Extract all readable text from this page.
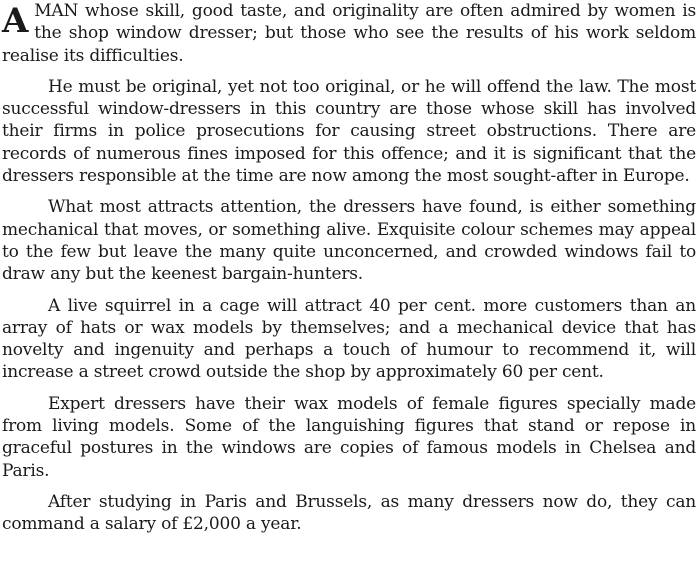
AMAN whose skill, good taste, and originality are often admired by women is the shop window dresser; but those who see the results of his work seldom realise its difficulties.

He must be original, yet not too original, or he will offend the law. The most successful window-dressers in this country are those whose skill has involved their firms in police prosecutions for causing street obstructions. There are records of numerous fines imposed for this offence; and it is significant that the dressers responsible at the time are now among the most sought-after in Europe.

What most attracts attention, the dressers have found, is either something mechanical that moves, or something alive. Exquisite colour schemes may appeal to the few but leave the many quite unconcerned, and crowded windows fail to draw any but the keenest bargain-hunters.

A live squirrel in a cage will attract 40 per cent. more customers than an array of hats or wax models by themselves; and a mechanical device that has novelty and ingenuity and perhaps a touch of humour to recommend it, will increase a street crowd outside the shop by approximately 60 per cent.

Expert dressers have their wax models of female figures specially made from living models. Some of the languishing figures that stand or repose in graceful postures in the windows are copies of famous models in Chelsea and Paris.

After studying in Paris and Brussels, as many dressers now do, they can command a salary of £2,000 a year.
